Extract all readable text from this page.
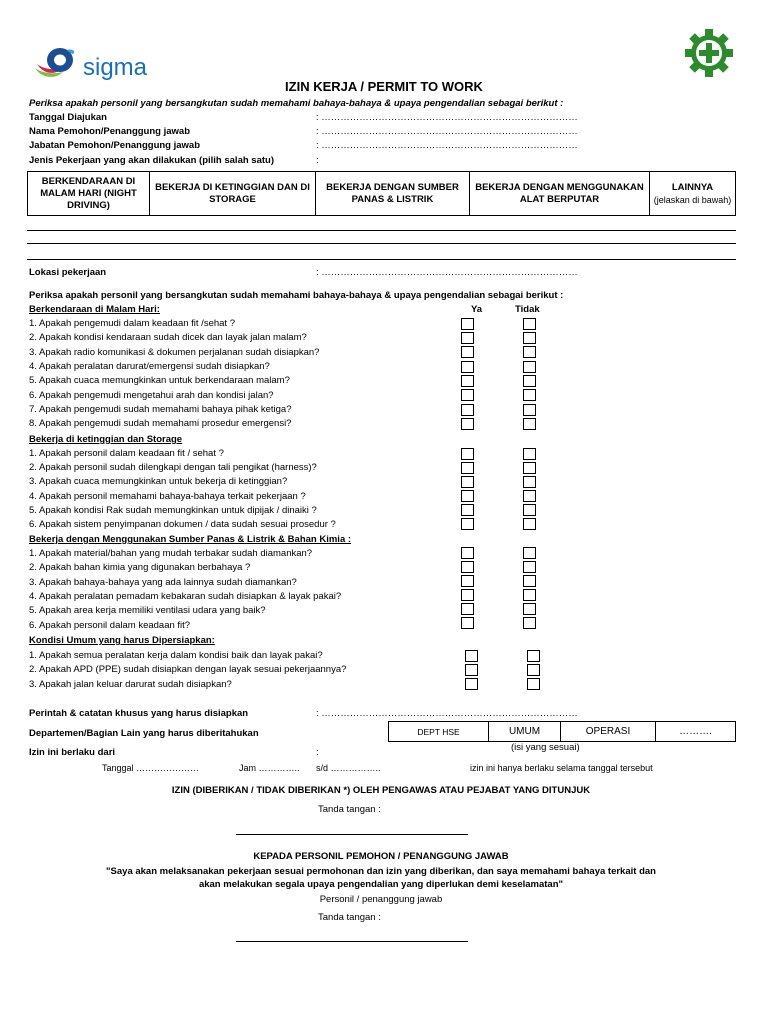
sigma
IZIN KERJA / PERMIT TO WORK
Periksa apakah personil yang bersangkutan sudah memahami bahaya-bahaya & upaya pengendalian sebagai berikut :
Tanggal Diajukan	: ………………………………………………………………………
Nama Pemohon/Penanggung jawab	: ………………………………………………………………………
Jabatan Pemohon/Penanggung jawab	: ………………………………………………………………………
Jenis Pekerjaan yang akan dilakukan (pilih salah satu)	:
BERKENDARAAN DI MALAM HARI (NIGHT DRIVING)
BEKERJA DI KETINGGIAN DAN DI STORAGE
BEKERJA DENGAN SUMBER PANAS & LISTRIK
BEKERJA DENGAN MENGGUNAKAN ALAT BERPUTAR
LAINNYA
(jelaskan di bawah)
Lokasi pekerjaan	: ………………………………………………………………………
Periksa apakah personil yang bersangkutan sudah memahami bahaya-bahaya & upaya pengendalian sebagai berikut :
Ya	Tidak
Berkendaraan di Malam Hari:
1. Apakah pengemudi dalam keadaan fit /sehat ?
2. Apakah kondisi kendaraan sudah dicek dan layak jalan malam?
3. Apakah radio komunikasi & dokumen perjalanan sudah disiapkan?
4. Apakah peralatan darurat/emergensi sudah disiapkan?
5. Apakah cuaca memungkinkan untuk berkendaraan malam?
6. Apakah pengemudi mengetahui arah dan kondisi jalan?
7. Apakah pengemudi sudah memahami bahaya pihak ketiga?
8. Apakah pengemudi sudah memahami prosedur emergensi?
Bekerja di ketinggian dan Storage
1. Apakah personil dalam keadaan fit / sehat ?
2. Apakah personil sudah dilengkapi dengan tali pengikat (harness)?
3. Apakah cuaca memungkinkan untuk bekerja di ketinggian?
4. Apakah personil memahami bahaya-bahaya terkait pekerjaan ?
5. Apakah kondisi Rak sudah memungkinkan untuk dipijak / dinaiki ?
6. Apakah sistem penyimpanan dokumen / data sudah sesuai prosedur ?
Bekerja dengan Menggunakan Sumber Panas & Listrik & Bahan Kimia :
1. Apakah material/bahan yang mudah terbakar sudah diamankan?
2. Apakah bahan kimia yang digunakan berbahaya ?
3. Apakah bahaya-bahaya yang ada lainnya sudah diamankan?
4. Apakah peralatan pemadam kebakaran sudah disiapkan & layak pakai?
5. Apakah area kerja memiliki ventilasi udara yang baik?
6. Apakah personil dalam keadaan fit?
Kondisi Umum yang harus Dipersiapkan:
1. Apakah semua peralatan kerja dalam kondisi baik dan layak pakai?
2. Apakah APD (PPE) sudah disiapkan dengan layak sesuai pekerjaannya?
3. Apakah jalan keluar darurat sudah disiapkan?
Perintah & catatan khusus yang harus disiapkan	: ………………………………………………………………………
Departemen/Bagian Lain yang harus diberitahukan	DEPT HSE	UMUM	OPERASI	……….
(isi yang sesuai)
Izin ini berlaku dari	:
Tanggal …………………	Jam ………….. s/d ……………..	izin ini hanya berlaku selama tanggal tersebut
IZIN (DIBERIKAN / TIDAK DIBERIKAN *) OLEH PENGAWAS ATAU PEJABAT YANG DITUNJUK
Tanda tangan :
KEPADA PERSONIL PEMOHON / PENANGGUNG JAWAB
"Saya akan melaksanakan pekerjaan sesuai permohonan dan izin yang diberikan, dan saya memahami bahaya terkait dan
akan melakukan segala upaya pengendalian yang diperlukan demi keselamatan"
Personil / penanggung jawab
Tanda tangan :
